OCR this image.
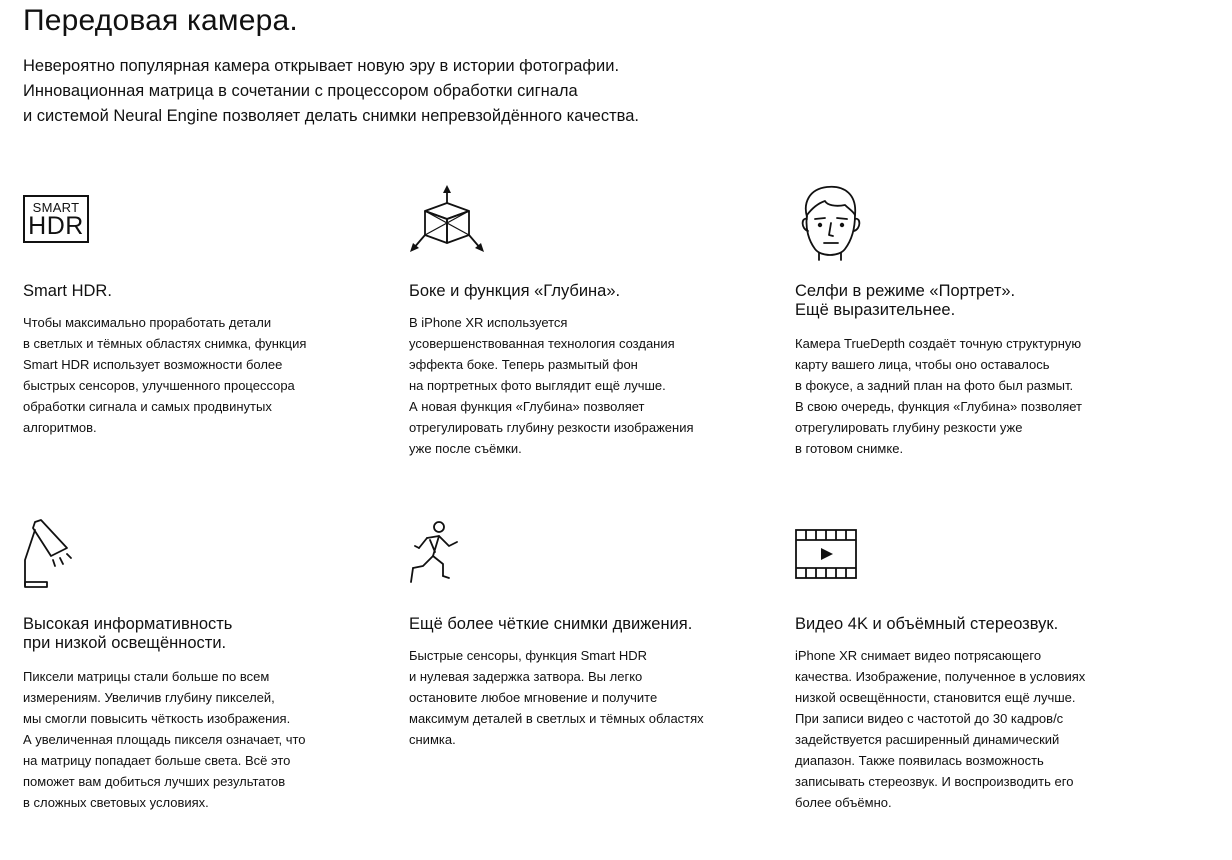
Передовая камера.
Невероятно популярная камера открывает новую эру в истории фотографии.
Инновационная матрица в сочетании с процессором обработки сигнала
и системой Neural Engine позволяет делать снимки непревзойдённого качества.
SMART
HDR
Smart HDR.
Чтобы максимально проработать детали
в светлых и тёмных областях снимка, функция
Smart HDR использует возможности более
быстрых сенсоров, улучшенного процессора
обработки сигнала и самых продвинутых
алгоритмов.
Боке и функция «Глубина».
В iPhone XR используется
усовершенствованная технология создания
эффекта боке. Теперь размытый фон
на портретных фото выглядит ещё лучше.
А новая функция «Глубина» позволяет
отрегулировать глубину резкости изображения
уже после съёмки.
Селфи в режиме «Портрет».
Ещё выразительнее.
Камера TrueDepth создаёт точную структурную
карту вашего лица, чтобы оно оставалось
в фокусе, а задний план на фото был размыт.
В свою очередь, функция «Глубина» позволяет
отрегулировать глубину резкости уже
в готовом снимке.
Высокая информативность
при низкой освещённости.
Пиксели матрицы стали больше по всем
измерениям. Увеличив глубину пикселей,
мы смогли повысить чёткость изображения.
А увеличенная площадь пикселя означает, что
на матрицу попадает больше света. Всё это
поможет вам добиться лучших результатов
в сложных световых условиях.
Ещё более чёткие снимки движения.
Быстрые сенсоры, функция Smart HDR
и нулевая задержка затвора. Вы легко
остановите любое мгновение и получите
максимум деталей в светлых и тёмных областях
снимка.
Видео 4K и объёмный стереозвук.
iPhone XR снимает видео потрясающего
качества. Изображение, полученное в условиях
низкой освещённости, становится ещё лучше.
При записи видео с частотой до 30 кадров/с
задействуется расширенный динамический
диапазон. Также появилась возможность
записывать стереозвук. И воспроизводить его
более объёмно.
